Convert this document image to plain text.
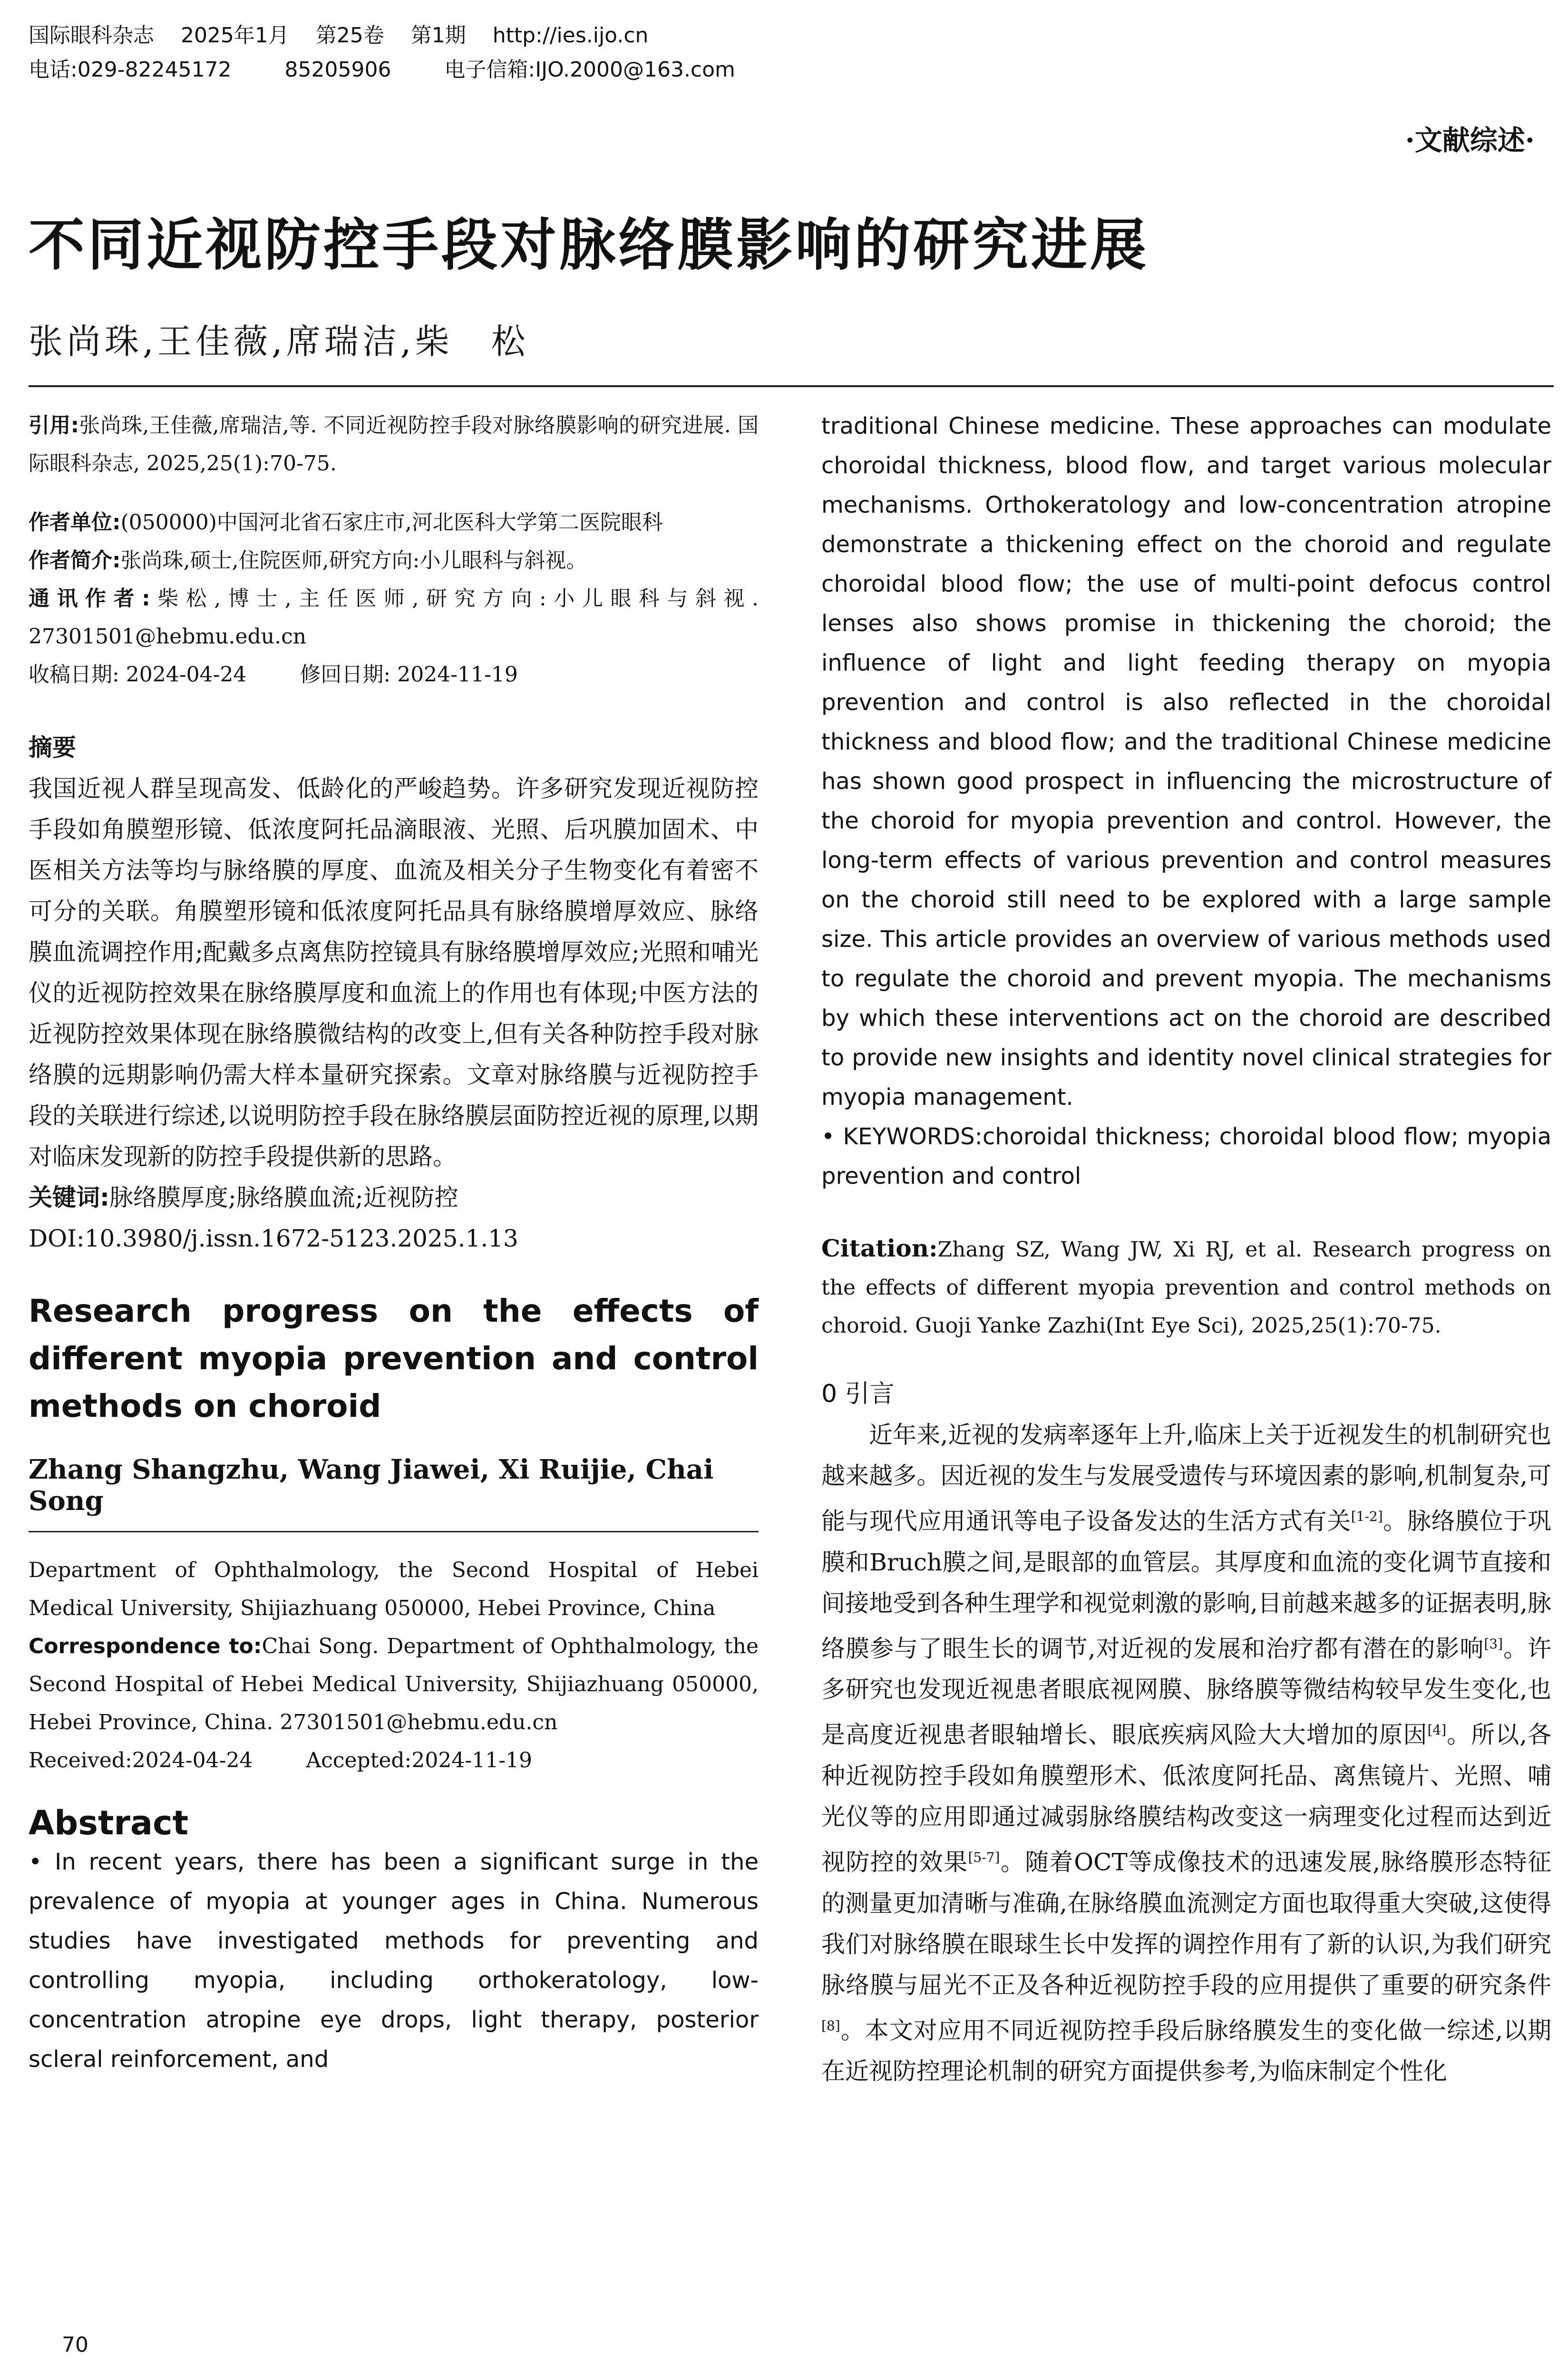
国际眼科杂志    2025年1月    第25卷    第1期    http://ies.ijo.cn
电话:029-82245172        85205906        电子信箱:IJO.2000@163.com
·文献综述·
不同近视防控手段对脉络膜影响的研究进展
张尚珠,王佳薇,席瑞洁,柴　松

引用:张尚珠,王佳薇,席瑞洁,等. 不同近视防控手段对脉络膜影响的研究进展. 国际眼科杂志, 2025,25(1):70-75.

作者单位:(050000)中国河北省石家庄市,河北医科大学第二医院眼科

作者简介:张尚珠,硕士,住院医师,研究方向:小儿眼科与斜视。

通讯作者:柴松,博士,主任医师,研究方向:小儿眼科与斜视. 27301501@hebmu.edu.cn

收稿日期: 2024-04-24        修回日期: 2024-11-19

摘要

我国近视人群呈现高发、低龄化的严峻趋势。许多研究发现近视防控手段如角膜塑形镜、低浓度阿托品滴眼液、光照、后巩膜加固术、中医相关方法等均与脉络膜的厚度、血流及相关分子生物变化有着密不可分的关联。角膜塑形镜和低浓度阿托品具有脉络膜增厚效应、脉络膜血流调控作用;配戴多点离焦防控镜具有脉络膜增厚效应;光照和哺光仪的近视防控效果在脉络膜厚度和血流上的作用也有体现;中医方法的近视防控效果体现在脉络膜微结构的改变上,但有关各种防控手段对脉络膜的远期影响仍需大样本量研究探索。文章对脉络膜与近视防控手段的关联进行综述,以说明防控手段在脉络膜层面防控近视的原理,以期对临床发现新的防控手段提供新的思路。

关键词:脉络膜厚度;脉络膜血流;近视防控

DOI:10.3980/j.issn.1672-5123.2025.1.13

Research progress on the effects of different myopia prevention and control methods on choroid
Zhang Shangzhu, Wang Jiawei, Xi Ruijie, Chai Song

Department of Ophthalmology, the Second Hospital of Hebei Medical University, Shijiazhuang 050000, Hebei Province, China

Correspondence to:Chai Song. Department of Ophthalmology, the Second Hospital of Hebei Medical University, Shijiazhuang 050000, Hebei Province, China. 27301501@hebmu.edu.cn

Received:2024-04-24        Accepted:2024-11-19

Abstract

• In recent years, there has been a significant surge in the prevalence of myopia at younger ages in China. Numerous studies have investigated methods for preventing and controlling myopia, including orthokeratology, low-concentration atropine eye drops, light therapy, posterior scleral reinforcement, and

traditional Chinese medicine. These approaches can modulate choroidal thickness, blood flow, and target various molecular mechanisms. Orthokeratology and low-concentration atropine demonstrate a thickening effect on the choroid and regulate choroidal blood flow; the use of multi-point defocus control lenses also shows promise in thickening the choroid; the influence of light and light feeding therapy on myopia prevention and control is also reflected in the choroidal thickness and blood flow; and the traditional Chinese medicine has shown good prospect in influencing the microstructure of the choroid for myopia prevention and control. However, the long-term effects of various prevention and control measures on the choroid still need to be explored with a large sample size. This article provides an overview of various methods used to regulate the choroid and prevent myopia. The mechanisms by which these interventions act on the choroid are described to provide new insights and identity novel clinical strategies for myopia management.

• KEYWORDS:choroidal thickness; choroidal blood flow; myopia prevention and control

Citation:Zhang SZ, Wang JW, Xi RJ, et al. Research progress on the effects of different myopia prevention and control methods on choroid. Guoji Yanke Zazhi(Int Eye Sci), 2025,25(1):70-75.

0 引言

近年来,近视的发病率逐年上升,临床上关于近视发生的机制研究也越来越多。因近视的发生与发展受遗传与环境因素的影响,机制复杂,可能与现代应用通讯等电子设备发达的生活方式有关[1-2]。脉络膜位于巩膜和Bruch膜之间,是眼部的血管层。其厚度和血流的变化调节直接和间接地受到各种生理学和视觉刺激的影响,目前越来越多的证据表明,脉络膜参与了眼生长的调节,对近视的发展和治疗都有潜在的影响[3]。许多研究也发现近视患者眼底视网膜、脉络膜等微结构较早发生变化,也是高度近视患者眼轴增长、眼底疾病风险大大增加的原因[4]。所以,各种近视防控手段如角膜塑形术、低浓度阿托品、离焦镜片、光照、哺光仪等的应用即通过减弱脉络膜结构改变这一病理变化过程而达到近视防控的效果[5-7]。随着OCT等成像技术的迅速发展,脉络膜形态特征的测量更加清晰与准确,在脉络膜血流测定方面也取得重大突破,这使得我们对脉络膜在眼球生长中发挥的调控作用有了新的认识,为我们研究脉络膜与屈光不正及各种近视防控手段的应用提供了重要的研究条件[8]。本文对应用不同近视防控手段后脉络膜发生的变化做一综述,以期在近视防控理论机制的研究方面提供参考,为临床制定个性化

70
